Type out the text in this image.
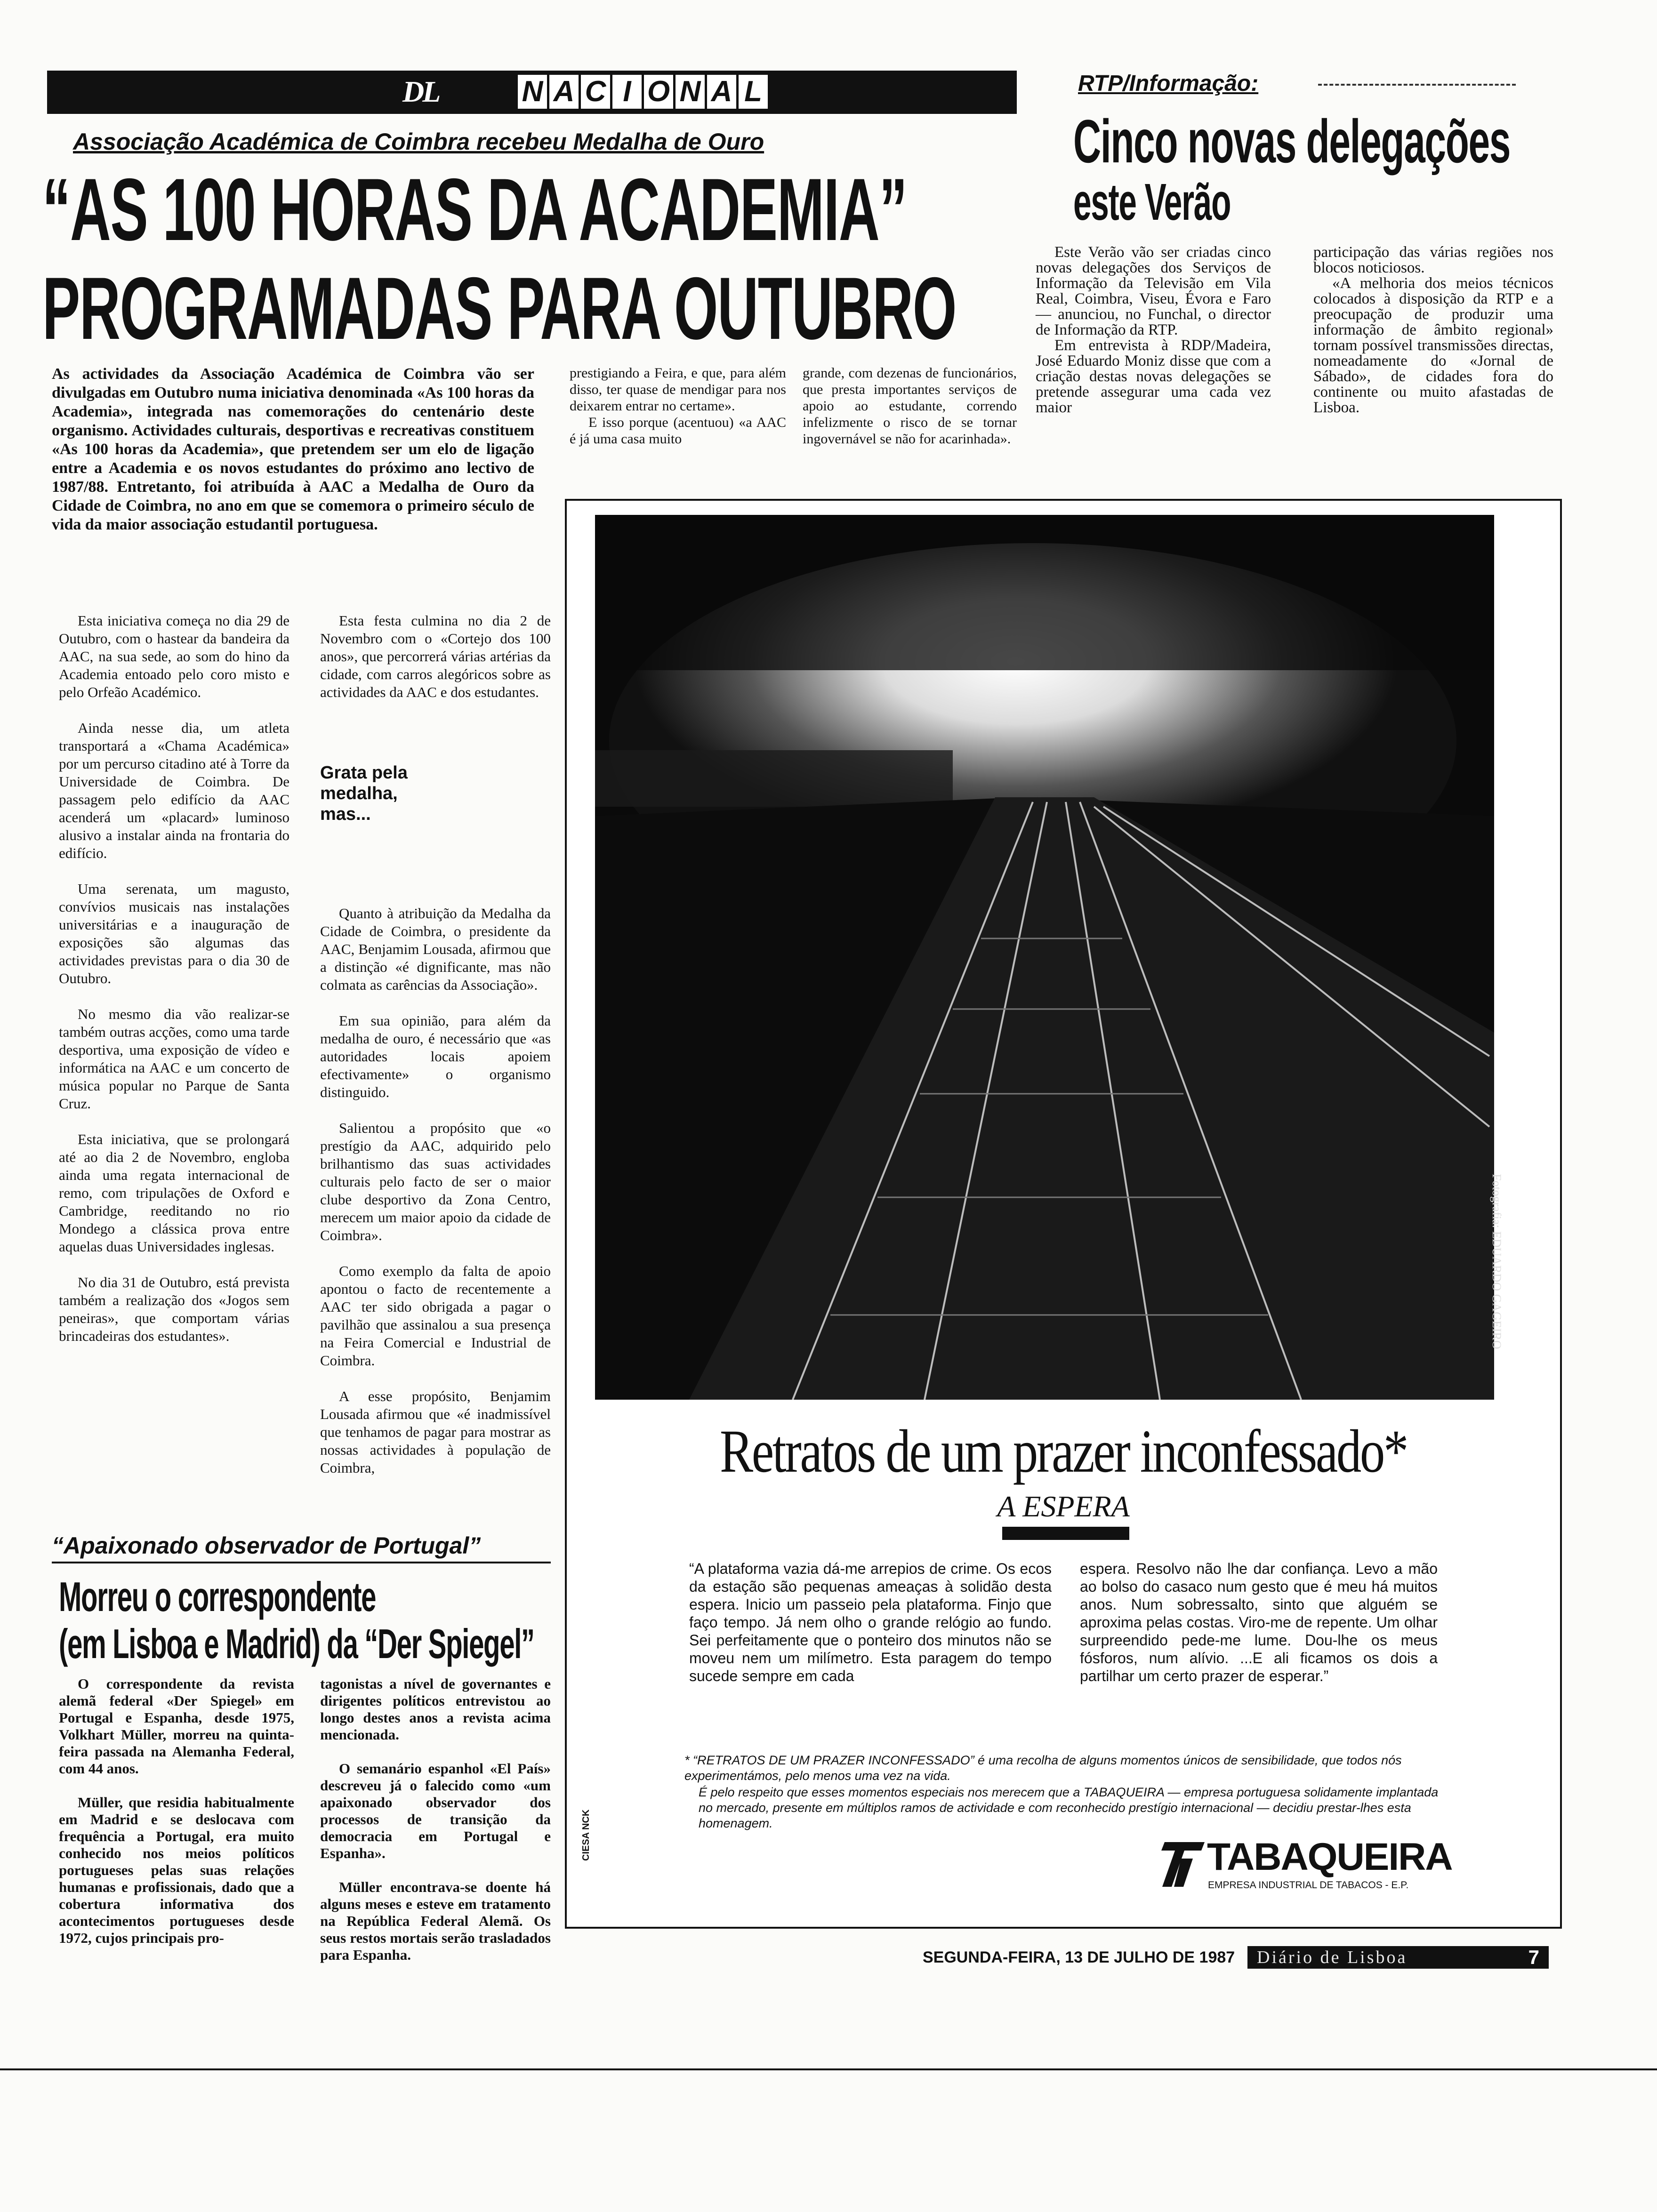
DL	N A C I O N A L
Associação Académica de Coimbra recebeu Medalha de Ouro
“AS 100 HORAS DA ACADEMIA”
PROGRAMADAS PARA OUTUBRO
As actividades da Associação Académica de Coimbra vão ser divulgadas em Outubro numa iniciativa denominada «As 100 horas da Academia», integrada nas comemorações do centenário deste organismo. Actividades culturais, desportivas e recreativas constituem «As 100 horas da Academia», que pretendem ser um elo de ligação entre a Academia e os novos estudantes do próximo ano lectivo de 1987/88. Entretanto, foi atribuída à AAC a Medalha de Ouro da Cidade de Coimbra, no ano em que se comemora o primeiro século de vida da maior associação estudantil portuguesa.
prestigiando a Feira, e que, para além disso, ter quase de mendigar para nos deixarem entrar no certame».
E isso porque (acentuou) «a AAC é já uma casa muito
grande, com dezenas de funcionários, que presta importantes serviços de apoio ao estudante, correndo infelizmente o risco de se tornar ingovernável se não for acarinhada».

Esta iniciativa começa no dia 29 de Outubro, com o hastear da bandeira da AAC, na sua sede, ao som do hino da Academia entoado pelo coro misto e pelo Orfeão Académico.

Ainda nesse dia, um atleta transportará a «Chama Académica» por um percurso citadino até à Torre da Universidade de Coimbra. De passagem pelo edifício da AAC acenderá um «placard» luminoso alusivo a instalar ainda na frontaria do edifício.

Uma serenata, um magusto, convívios musicais nas instalações universitárias e a inauguração de exposições são algumas das actividades previstas para o dia 30 de Outubro.

No mesmo dia vão realizar-se também outras acções, como uma tarde desportiva, uma exposição de vídeo e informática na AAC e um concerto de música popular no Parque de Santa Cruz.

Esta iniciativa, que se prolongará até ao dia 2 de Novembro, engloba ainda uma regata internacional de remo, com tripulações de Oxford e Cambridge, reeditando no rio Mondego a clássica prova entre aquelas duas Universidades inglesas.

No dia 31 de Outubro, está prevista também a realização dos «Jogos sem peneiras», que comportam várias brincadeiras dos estudantes».

Esta festa culmina no dia 2 de Novembro com o «Cortejo dos 100 anos», que percorrerá várias artérias da cidade, com carros alegóricos sobre as actividades da AAC e dos estudantes.

Grata pela medalha, mas...

Quanto à atribuição da Medalha da Cidade de Coimbra, o presidente da AAC, Benjamim Lousada, afirmou que a distinção «é dignificante, mas não colmata as carências da Associação».

Em sua opinião, para além da medalha de ouro, é necessário que «as autoridades locais apoiem efectivamente» o organismo distinguido.

Salientou a propósito que «o prestígio da AAC, adquirido pelo brilhantismo das suas actividades culturais pelo facto de ser o maior clube desportivo da Zona Centro, merecem um maior apoio da cidade de Coimbra».

Como exemplo da falta de apoio apontou o facto de recentemente a AAC ter sido obrigada a pagar o pavilhão que assinalou a sua presença na Feira Comercial e Industrial de Coimbra.

A esse propósito, Benjamim Lousada afirmou que «é inadmissível que tenhamos de pagar para mostrar as nossas actividades à população de Coimbra,

RTP/Informação:
Cinco novas delegações
este Verão
Este Verão vão ser criadas cinco novas delegações dos Serviços de Informação da Televisão em Vila Real, Coimbra, Viseu, Évora e Faro — anunciou, no Funchal, o director de Informação da RTP.
Em entrevista à RDP/Madeira, José Eduardo Moniz disse que com a criação destas novas delegações se pretende assegurar uma cada vez maior
participação das várias regiões nos blocos noticiosos.
«A melhoria dos meios técnicos colocados à disposição da RTP e a preocupação de produzir uma informação de âmbito regional» tornam possível transmissões directas, nomeadamente do «Jornal de Sábado», de cidades fora do continente ou muito afastadas de Lisboa.
Fotografia: EDUARDO GAGEIRO
Retratos de um prazer inconfessado*
A ESPERA
“A plataforma vazia dá-me arrepios de crime. Os ecos da estação são pequenas ameaças à solidão desta espera. Inicio um passeio pela plataforma. Finjo que faço tempo. Já nem olho o grande relógio ao fundo. Sei perfeitamente que o ponteiro dos minutos não se moveu nem um milímetro. Esta paragem do tempo sucede sempre em cada
espera. Resolvo não lhe dar confiança. Levo a mão ao bolso do casaco num gesto que é meu há muitos anos. Num sobressalto, sinto que alguém se aproxima pelas costas. Viro-me de repente. Um olhar surpreendido pede-me lume. Dou-lhe os meus fósforos, num alívio. ...E ali ficamos os dois a partilhar um certo prazer de esperar.”
* “RETRATOS DE UM PRAZER INCONFESSADO” é uma recolha de alguns momentos únicos de sensibilidade, que todos nós experimentámos, pelo menos uma vez na vida.
É pelo respeito que esses momentos especiais nos merecem que a TABAQUEIRA — empresa portuguesa solidamente implantada no mercado, presente em múltiplos ramos de actividade e com reconhecido prestígio internacional — decidiu prestar-lhes esta homenagem.
CIESA NCK	TABAQUEIRA
EMPRESA INDUSTRIAL DE TABACOS - E.P.
“Apaixonado observador de Portugal”
Morreu o correspondente
(em Lisboa e Madrid) da “Der Spiegel”

O correspondente da revista alemã federal «Der Spiegel» em Portugal e Espanha, desde 1975, Volkhart Müller, morreu na quinta-feira passada na Alemanha Federal, com 44 anos.

Müller, que residia habitualmente em Madrid e se deslocava com frequência a Portugal, era muito conhecido nos meios políticos portugueses pelas suas relações humanas e profissionais, dado que a cobertura informativa dos acontecimentos portugueses desde 1972, cujos principais pro-

tagonistas a nível de governantes e dirigentes políticos entrevistou ao longo destes anos a revista acima mencionada.

O semanário espanhol «El País» descreveu já o falecido como «um apaixonado observador dos processos de transição da democracia em Portugal e Espanha».

Müller encontrava-se doente há alguns meses e esteve em tratamento na República Federal Alemã. Os seus restos mortais serão trasladados para Espanha.	SEGUNDA-FEIRA, 13 DE JULHO DE 1987 Diário de Lisboa	7
